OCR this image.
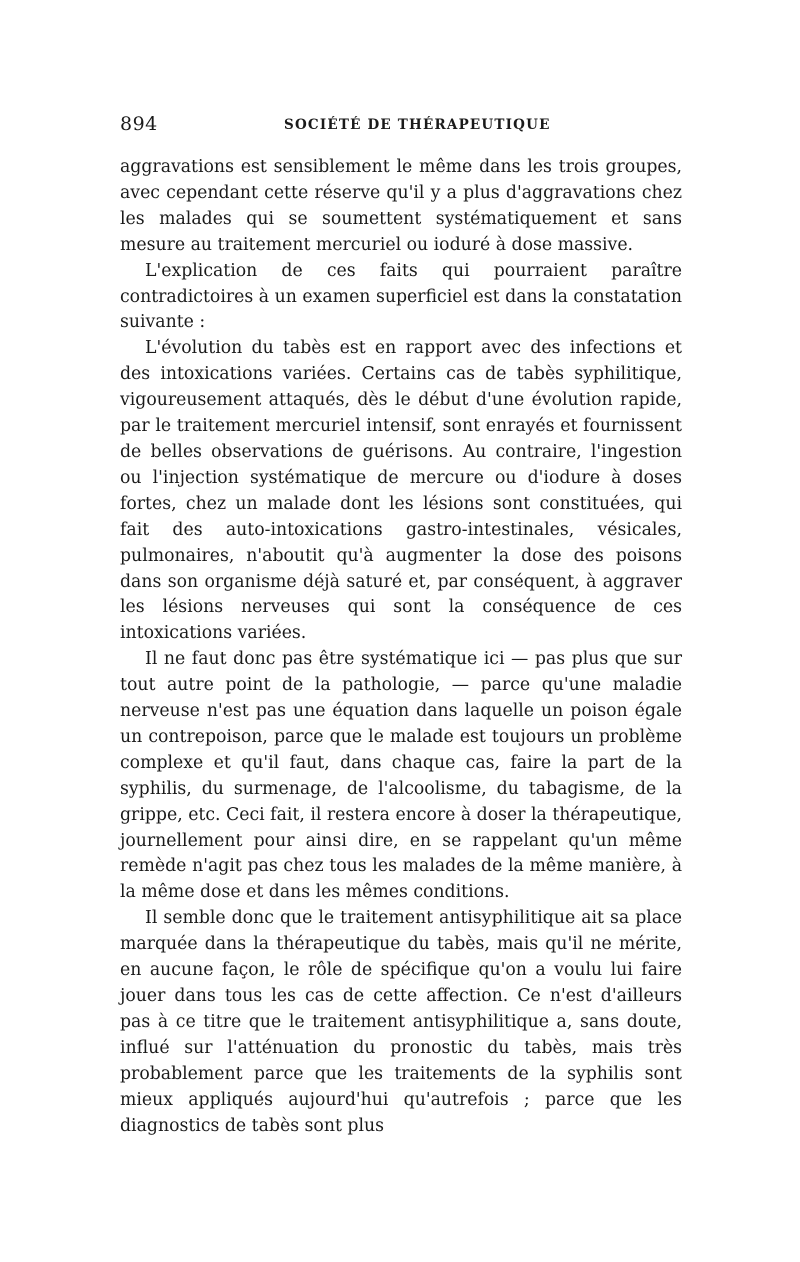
894	SOCIÉTÉ DE THÉRAPEUTIQUE

aggravations est sensiblement le même dans les trois groupes, avec cependant cette réserve qu'il y a plus d'aggravations chez les malades qui se soumettent systématiquement et sans mesure au traitement mercuriel ou ioduré à dose massive.

L'explication de ces faits qui pourraient paraître contradictoires à un examen superficiel est dans la constatation suivante :

L'évolution du tabès est en rapport avec des infections et des intoxications variées. Certains cas de tabès syphilitique, vigoureusement attaqués, dès le début d'une évolution rapide, par le traitement mercuriel intensif, sont enrayés et fournissent de belles observations de guérisons. Au contraire, l'ingestion ou l'injection systématique de mercure ou d'iodure à doses fortes, chez un malade dont les lésions sont constituées, qui fait des auto-intoxications gastro-intestinales, vésicales, pulmonaires, n'aboutit qu'à augmenter la dose des poisons dans son organisme déjà saturé et, par conséquent, à aggraver les lésions nerveuses qui sont la conséquence de ces intoxications variées.

Il ne faut donc pas être systématique ici — pas plus que sur tout autre point de la pathologie, — parce qu'une maladie nerveuse n'est pas une équation dans laquelle un poison égale un contrepoison, parce que le malade est toujours un problème complexe et qu'il faut, dans chaque cas, faire la part de la syphilis, du surmenage, de l'alcoolisme, du tabagisme, de la grippe, etc. Ceci fait, il restera encore à doser la thérapeutique, journellement pour ainsi dire, en se rappelant qu'un même remède n'agit pas chez tous les malades de la même manière, à la même dose et dans les mêmes conditions.

Il semble donc que le traitement antisyphilitique ait sa place marquée dans la thérapeutique du tabès, mais qu'il ne mérite, en aucune façon, le rôle de spécifique qu'on a voulu lui faire jouer dans tous les cas de cette affection. Ce n'est d'ailleurs pas à ce titre que le traitement antisyphilitique a, sans doute, influé sur l'atténuation du pronostic du tabès, mais très probablement parce que les traitements de la syphilis sont mieux appliqués aujourd'hui qu'autrefois ; parce que les diagnostics de tabès sont plus
